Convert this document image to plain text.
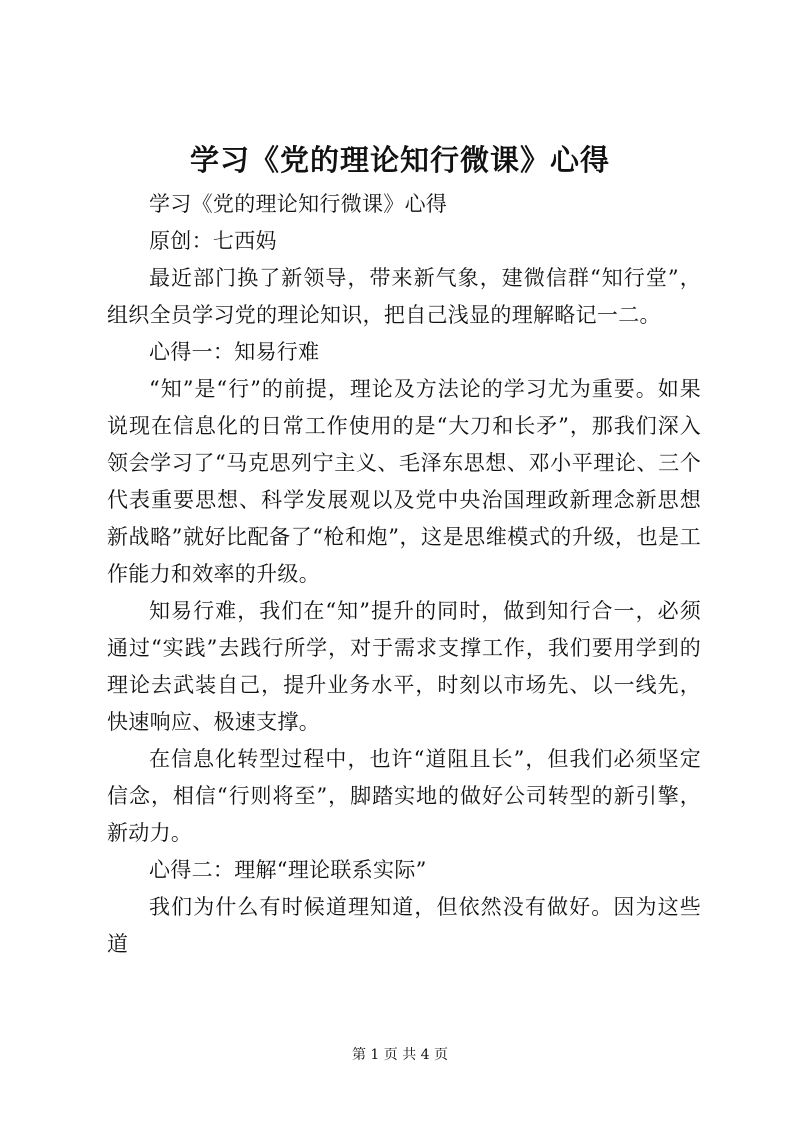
学习《党的理论知行微课》心得

学习《党的理论知行微课》心得

原创：七西妈

最近部门换了新领导，带来新气象，建微信群“知行堂”，组织全员学习党的理论知识，把自己浅显的理解略记一二。

心得一：知易行难

“知”是“行”的前提，理论及方法论的学习尤为重要。如果说现在信息化的日常工作使用的是“大刀和长矛”，那我们深入领会学习了“马克思列宁主义、毛泽东思想、邓小平理论、三个代表重要思想、科学发展观以及党中央治国理政新理念新思想新战略”就好比配备了“枪和炮”，这是思维模式的升级，也是工作能力和效率的升级。

知易行难，我们在“知”提升的同时，做到知行合一，必须通过“实践”去践行所学，对于需求支撑工作，我们要用学到的理论去武装自己，提升业务水平，时刻以市场先、以一线先，快速响应、极速支撑。

在信息化转型过程中，也许“道阻且长”，但我们必须坚定信念，相信“行则将至”，脚踏实地的做好公司转型的新引擎，新动力。

心得二：理解“理论联系实际”

我们为什么有时候道理知道，但依然没有做好。因为这些道

第 1 页 共 4 页
